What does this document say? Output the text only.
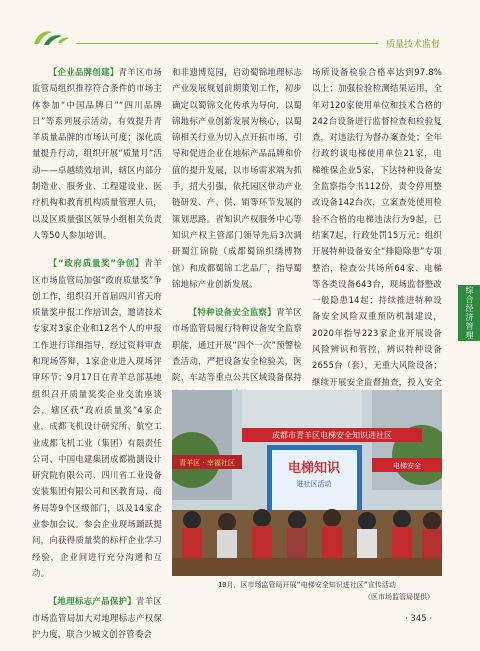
质量技术监督

【企业品牌创建】青羊区市场监管局组织推荐符合条件的市场主体参加“中国品牌日”“四川品牌日”等系列展示活动，有效提升青羊质量品牌的市场认可度；深化质量提升行动，组织开展“质量月”活动——卓越绩效培训，辖区内部分制造业、服务业、工程建设业、医疗机构和教育机构质量管理人员，以及区质量强区领导小组相关负责人等50人参加培训。

【“政府质量奖”争创】青羊区市场监管局加强“政府质量奖”争创工作，组织召开首届四川省天府质量奖申报工作培训会，邀请技术专家对3家企业和12名个人的申报工作进行详细指导，经过资料审查和现场答辩，1家企业进入现场评审环节；9月17日在青羊总部基地组织召开质量奖奖企业交流座谈会，辖区获“政府质量奖”4家企业，成都飞机设计研究所、航空工业成都飞机工业（集团）有限责任公司、中国电建集团成都勘测设计研究院有限公司、四川省工业设备安装集团有限公司和区教育局、商务局等9个区级部门，以及14家企业参加会议。参会企业现场踊跃提问，向获得质量奖的标杆企业学习经验，企业间进行充分沟通和互动。

【地理标志产品保护】青羊区市场监管局加大对地理标志产权保护力度，联合少城文创谷管委会

和非遗博览园，启动蜀锦地理标志产业发展规划前期策划工作，初步确定以蜀锦文化传承为导向，以蜀锦地标产业创新发展为核心，以蜀锦相关行业为切入点开拓市场，引导和促进企业在地标产品品牌和价值的提升发展，以市场需求端为抓手，招大引强，依托园区带动产业链研发、产、供、销等环节发展的策划思路。省知识产权服务中心等知识产权主管部门领导先后3次调研蜀江锦院（成都蜀锦织绣博物馆）和成都蜀锦工艺品厂，指导蜀锦地标产业创新发展。

【特种设备安全监察】青羊区市场监管局履行特种设备安全监察职能，通过开展“四个一次”预警检查活动，严把设备安全检验关，医院、车站等重点公共区域设备保持

场所设备检验合格率达到97.8%以上；加强检验检测结果运用，全年对120家使用单位和技术合格的242台设备进行监督检查和检验复查，对违法行为督办案查处；全年行政约谈电梯使用单位21家，电梯维保企业5家，下达特种设备安全监察指令书112份，责令停用整改设备142台次，立案查处使用检验不合格的电梯违法行为9起，已结案7起，行政处罚15万元；组织开展特种设备安全“排隐除患”专项整治，检查公共场所64家、电梯等各类设备643台，现场监督整改一般隐患14起；持续推进特种设备安全风险双重预防机制建设，2020年指导223家企业开展设备风险辨识和管控，辨识特种设备2655台（套），无重大风险设备；继续开展安全监督抽查，投入安全

综合经济管理
成都市青羊区电梯安全知识进社区
电梯知识
进社区活动
青羊区 · 幸福社区	电梯安全
10月，区市场监管局开展“电梯安全知识进社区”宣传活动
（区市场监管局提供）
· 345 ·
